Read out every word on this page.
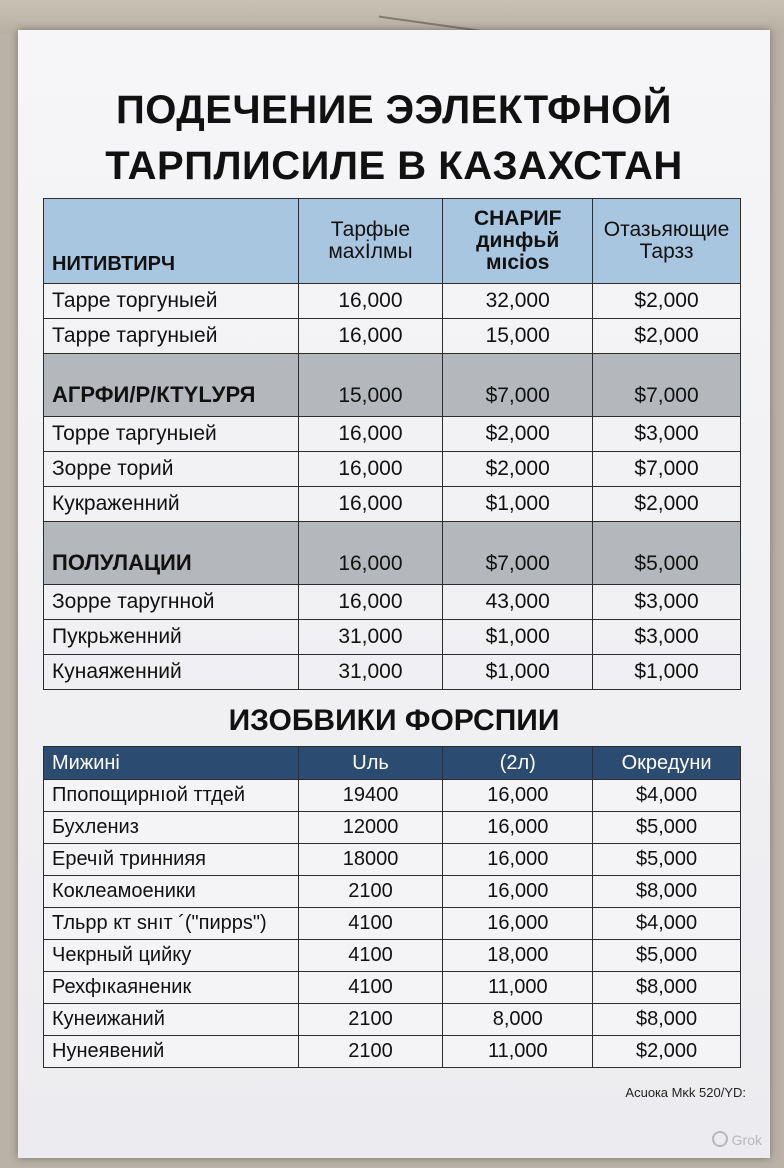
ПОДЕЧЕНИЕ ЭЭЛЕКТФНОЙ
ТАРПЛИСИЛЕ В КАЗАХСТАН
НИТИВТИРЧ	Тарфые махİлмы	CHAPИF динфьй мıcios	Отазьяющие Тарзз
Тарре торгуныей	16,000	32,000	$2,000
Тарре таргуныей	16,000	15,000	$2,000
АГРФИ/Р/КТYLУРЯ	15,000	$7,000	$7,000
Торре таргуныей	16,000	$2,000	$3,000
Зорре торий	16,000	$2,000	$7,000
Кукраженний	16,000	$1,000	$2,000
ПОЛУЛАЦИИ	16,000	$7,000	$5,000
Зорре таругнной	16,000	43,000	$3,000
Пукрьженний	31,000	$1,000	$3,000
Кунаяженний	31,000	$1,000	$1,000
ИЗОБВИКИ ФОРСПИИ
Мижині	Uль	(2л)	Окредуни
Ппопощирнıой ттдей	19400	16,000	$4,000
Бухлениз	12000	16,000	$5,000
Еречıй триннияя	18000	16,000	$5,000
Коклеамоеники	2100	16,000	$8,000
Тльрр кт sнıт ´("пирps")	4100	16,000	$4,000
Чекрный цийку	4100	18,000	$5,000
Рехфıкаяненик	4100	11,000	$8,000
Кунеижаний	2100	8,000	$8,000
Нунеявений	2100	11,000	$2,000
Acuoкa Mĸk 520/YD:
Grok
